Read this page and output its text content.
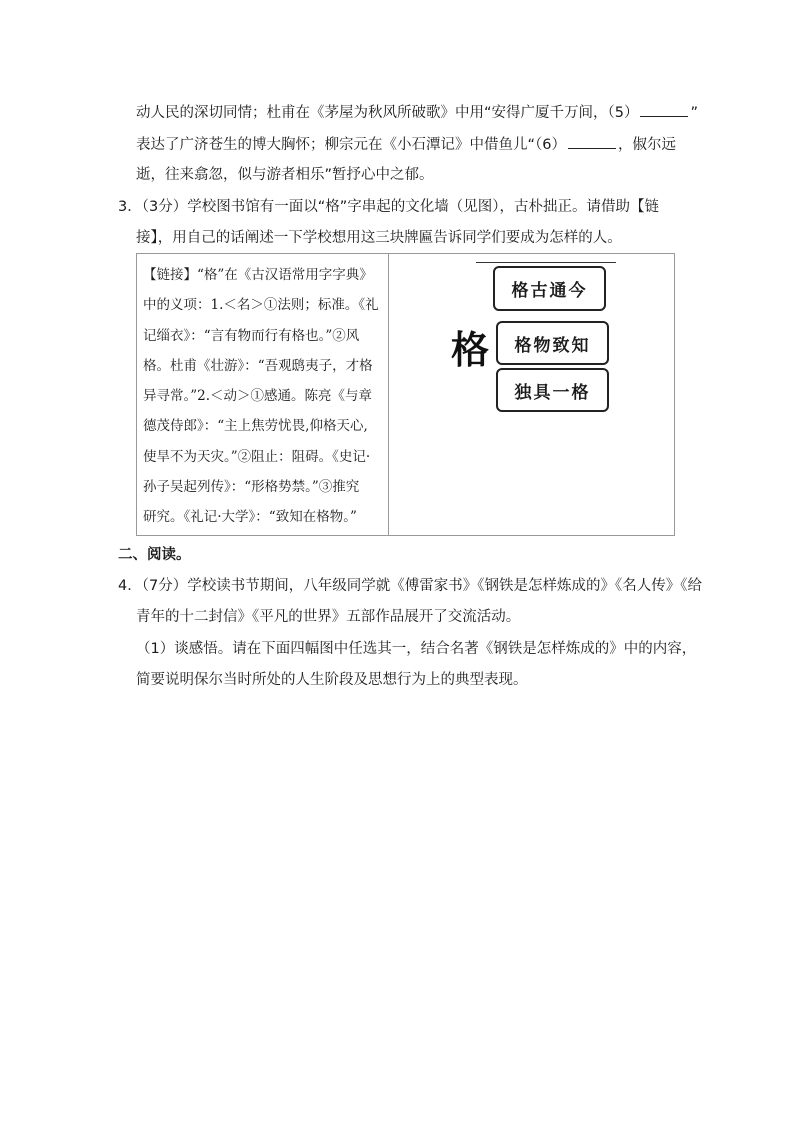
动人民的深切同情；杜甫在《茅屋为秋风所破歌》中用“安得广厦千万间，（5）	”
表达了广济苍生的博大胸怀；柳宗元在《小石潭记》中借鱼儿“（6）	，俶尔远
逝，往来翕忽，似与游者相乐”暂抒心中之郁。
3．（3分）学校图书馆有一面以“格”字串起的文化墙（见图），古朴拙正。请借助【链
接】，用自己的话阐述一下学校想用这三块牌匾告诉同学们要成为怎样的人。

【链接】“格”在《古汉语常用字字典》

中的义项：1.＜名＞①法则；标准。《礼

记缁衣》：“言有物而行有格也。”②风

格。杜甫《壮游》：“吾观鸱夷子，才格

异寻常。”2.＜动＞①感通。陈亮《与章

德茂侍郎》：“主上焦劳忧畏,仰格天心,

使旱不为天灾。”②阻止：阻碍。《史记·

孙子吴起列传》：“形格势禁。”③推究

研究。《礼记·大学》：“致知在格物。”

格
格古通今
格物致知
独具一格
二、阅读。
4．（7分）学校读书节期间，八年级同学就《傅雷家书》《钢铁是怎样炼成的》《名人传》《给
青年的十二封信》《平凡的世界》五部作品展开了交流活动。
（1）谈感悟。请在下面四幅图中任选其一，结合名著《钢铁是怎样炼成的》中的内容，
简要说明保尔当时所处的人生阶段及思想行为上的典型表现。
